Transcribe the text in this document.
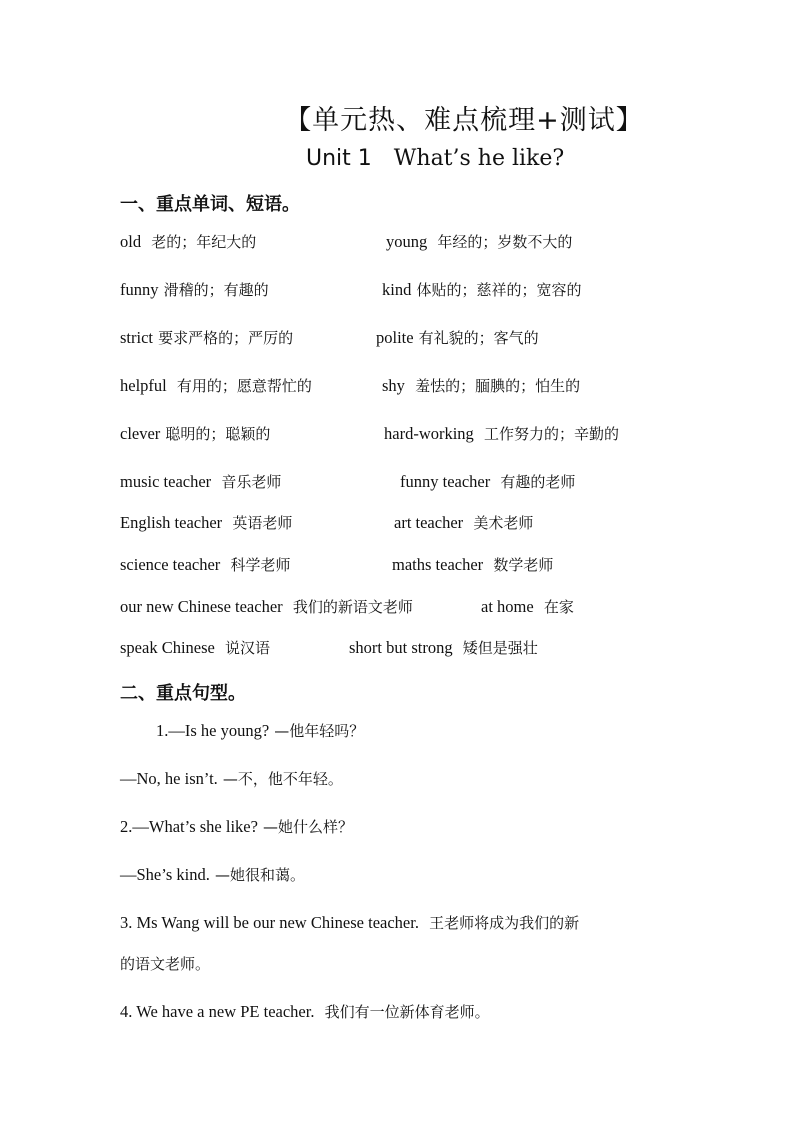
【单元热、难点梳理+测试】
Unit 1 What’s he like?
一、重点单词、短语。
old 老的；年纪大的	young 年经的；岁数不大的
funny 滑稽的；有趣的	kind 体贴的；慈祥的；宽容的
strict 要求严格的；严厉的	polite 有礼貌的；客气的
helpful 有用的；愿意帮忙的	shy 羞怯的；腼腆的；怕生的
clever 聪明的；聪颖的	hard-working 工作努力的；辛勤的
music teacher 音乐老师	funny teacher 有趣的老师
English teacher 英语老师	art teacher 美术老师
science teacher 科学老师	maths teacher 数学老师
our new Chinese teacher 我们的新语文老师	at home 在家
speak Chinese 说汉语	short but strong 矮但是强壮
二、重点句型。
1.—Is he young? —他年轻吗？
—No, he isn’t. —不，他不年轻。
2.—What’s she like? —她什么样？
—She’s kind. —她很和蔼。
3. Ms Wang will be our new Chinese teacher. 王老师将成为我们的新
的语文老师。
4. We have a new PE teacher. 我们有一位新体育老师。
